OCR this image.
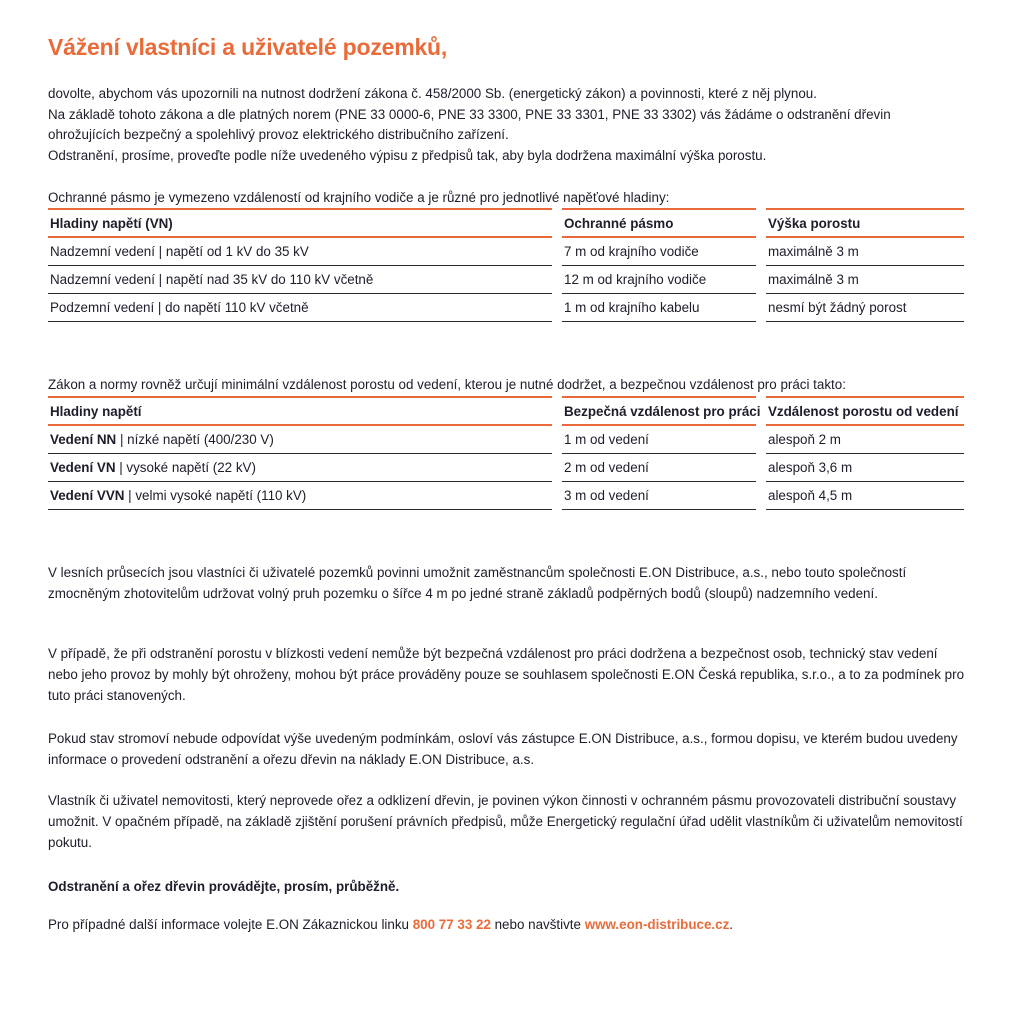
Vážení vlastníci a uživatelé pozemků,

dovolte, abychom vás upozornili na nutnost dodržení zákona č. 458/2000 Sb. (energetický zákon) a povinnosti, které z něj plynou.

Na základě tohoto zákona a dle platných norem (PNE 33 0000-6, PNE 33 3300, PNE 33 3301, PNE 33 3302) vás žádáme o odstranění dřevin

ohrožujících bezpečný a spolehlivý provoz elektrického distribučního zařízení.

Odstranění, prosíme, proveďte podle níže uvedeného výpisu z předpisů tak, aby byla dodržena maximální výška porostu.

Ochranné pásmo je vymezeno vzdáleností od krajního vodiče a je různé pro jednotlivé napěťové hladiny:
Hladiny napětí (VN)		Ochranné pásmo		Výška porostu
Nadzemní vedení | napětí od 1 kV do 35 kV		7 m od krajního vodiče		maximálně 3 m
Nadzemní vedení | napětí nad 35 kV do 110 kV včetně		12 m od krajního vodiče		maximálně 3 m
Podzemní vedení | do napětí 110 kV včetně		1 m od krajního kabelu		nesmí být žádný porost
Zákon a normy rovněž určují minimální vzdálenost porostu od vedení, kterou je nutné dodržet, a bezpečnou vzdálenost pro práci takto:
Hladiny napětí		Bezpečná vzdálenost pro práci		Vzdálenost porostu od vedení
Vedení NN | nízké napětí (400/230 V)		1 m od vedení		alespoň 2 m
Vedení VN | vysoké napětí (22 kV)		2 m od vedení		alespoň 3,6 m
Vedení VVN | velmi vysoké napětí (110 kV)		3 m od vedení		alespoň 4,5 m

V lesních průsecích jsou vlastníci či uživatelé pozemků povinni umožnit zaměstnancům společnosti E.ON Distribuce, a.s., nebo touto společností zmocněným zhotovitelům udržovat volný pruh pozemku o šířce 4 m po jedné straně základů podpěrných bodů (sloupů) nadzemního vedení.

V případě, že při odstranění porostu v blízkosti vedení nemůže být bezpečná vzdálenost pro práci dodržena a bezpečnost osob, technický stav vedení nebo jeho provoz by mohly být ohroženy, mohou být práce prováděny pouze se souhlasem společnosti E.ON Česká republika, s.r.o., a to za podmínek pro tuto práci stanovených.

Pokud stav stromoví nebude odpovídat výše uvedeným podmínkám, osloví vás zástupce E.ON Distribuce, a.s., formou dopisu, ve kterém budou uvedeny informace o provedení odstranění a ořezu dřevin na náklady E.ON Distribuce, a.s.

Vlastník či uživatel nemovitosti, který neprovede ořez a odklizení dřevin, je povinen výkon činnosti v ochranném pásmu provozovateli distribuční soustavy umožnit. V opačném případě, na základě zjištění porušení právních předpisů, může Energetický regulační úřad udělit vlastníkům či uživatelům nemovitostí pokutu.

Odstranění a ořez dřevin provádějte, prosím, průběžně.

Pro případné další informace volejte E.ON Zákaznickou linku 800 77 33 22 nebo navštivte www.eon-distribuce.cz.
